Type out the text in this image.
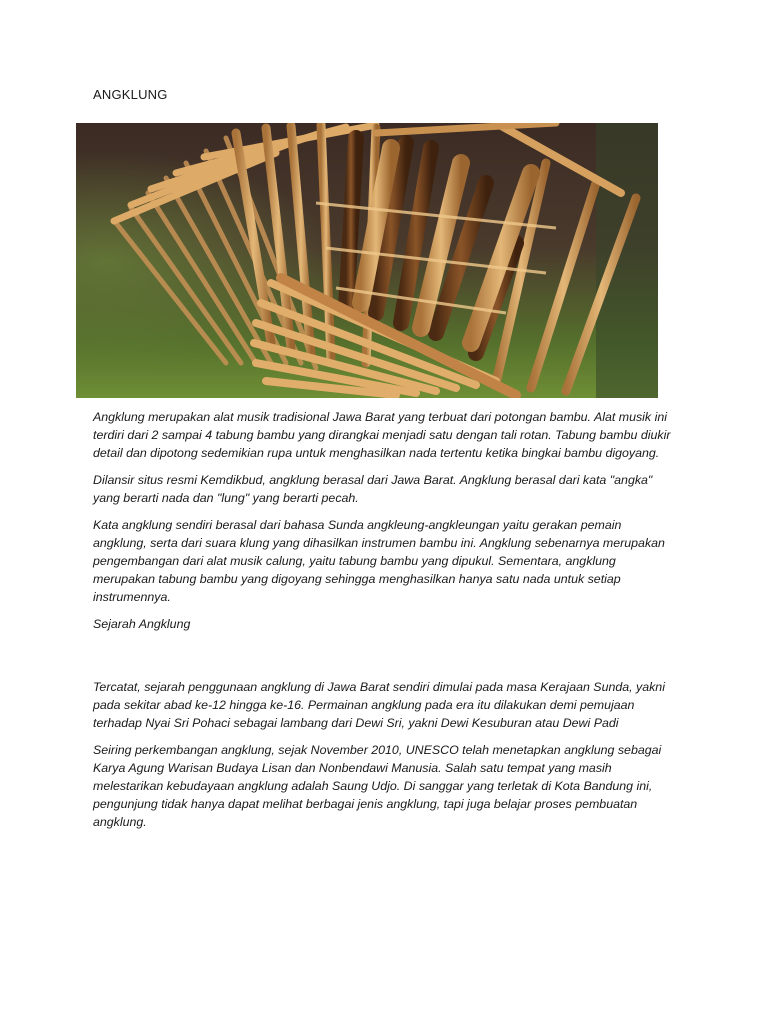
ANGKLUNG

Angklung merupakan alat musik tradisional Jawa Barat yang terbuat dari potongan bambu. Alat musik ini terdiri dari 2 sampai 4 tabung bambu yang dirangkai menjadi satu dengan tali rotan. Tabung bambu diukir detail dan dipotong sedemikian rupa untuk menghasilkan nada tertentu ketika bingkai bambu digoyang.

Dilansir situs resmi Kemdikbud, angklung berasal dari Jawa Barat. Angklung berasal dari kata "angka" yang berarti nada dan "lung" yang berarti pecah.

Kata angklung sendiri berasal dari bahasa Sunda angkleung-angkleungan yaitu gerakan pemain angklung, serta dari suara klung yang dihasilkan instrumen bambu ini. Angklung sebenarnya merupakan pengembangan dari alat musik calung, yaitu tabung bambu yang dipukul. Sementara, angklung merupakan tabung bambu yang digoyang sehingga menghasilkan hanya satu nada untuk setiap instrumennya.

Sejarah Angklung

Tercatat, sejarah penggunaan angklung di Jawa Barat sendiri dimulai pada masa Kerajaan Sunda, yakni pada sekitar abad ke-12 hingga ke-16. Permainan angklung pada era itu dilakukan demi pemujaan terhadap Nyai Sri Pohaci sebagai lambang dari Dewi Sri, yakni Dewi Kesuburan atau Dewi Padi

Seiring perkembangan angklung, sejak November 2010, UNESCO telah menetapkan angklung sebagai Karya Agung Warisan Budaya Lisan dan Nonbendawi Manusia. Salah satu tempat yang masih melestarikan kebudayaan angklung adalah Saung Udjo. Di sanggar yang terletak di Kota Bandung ini, pengunjung tidak hanya dapat melihat berbagai jenis angklung, tapi juga belajar proses pembuatan angklung.
